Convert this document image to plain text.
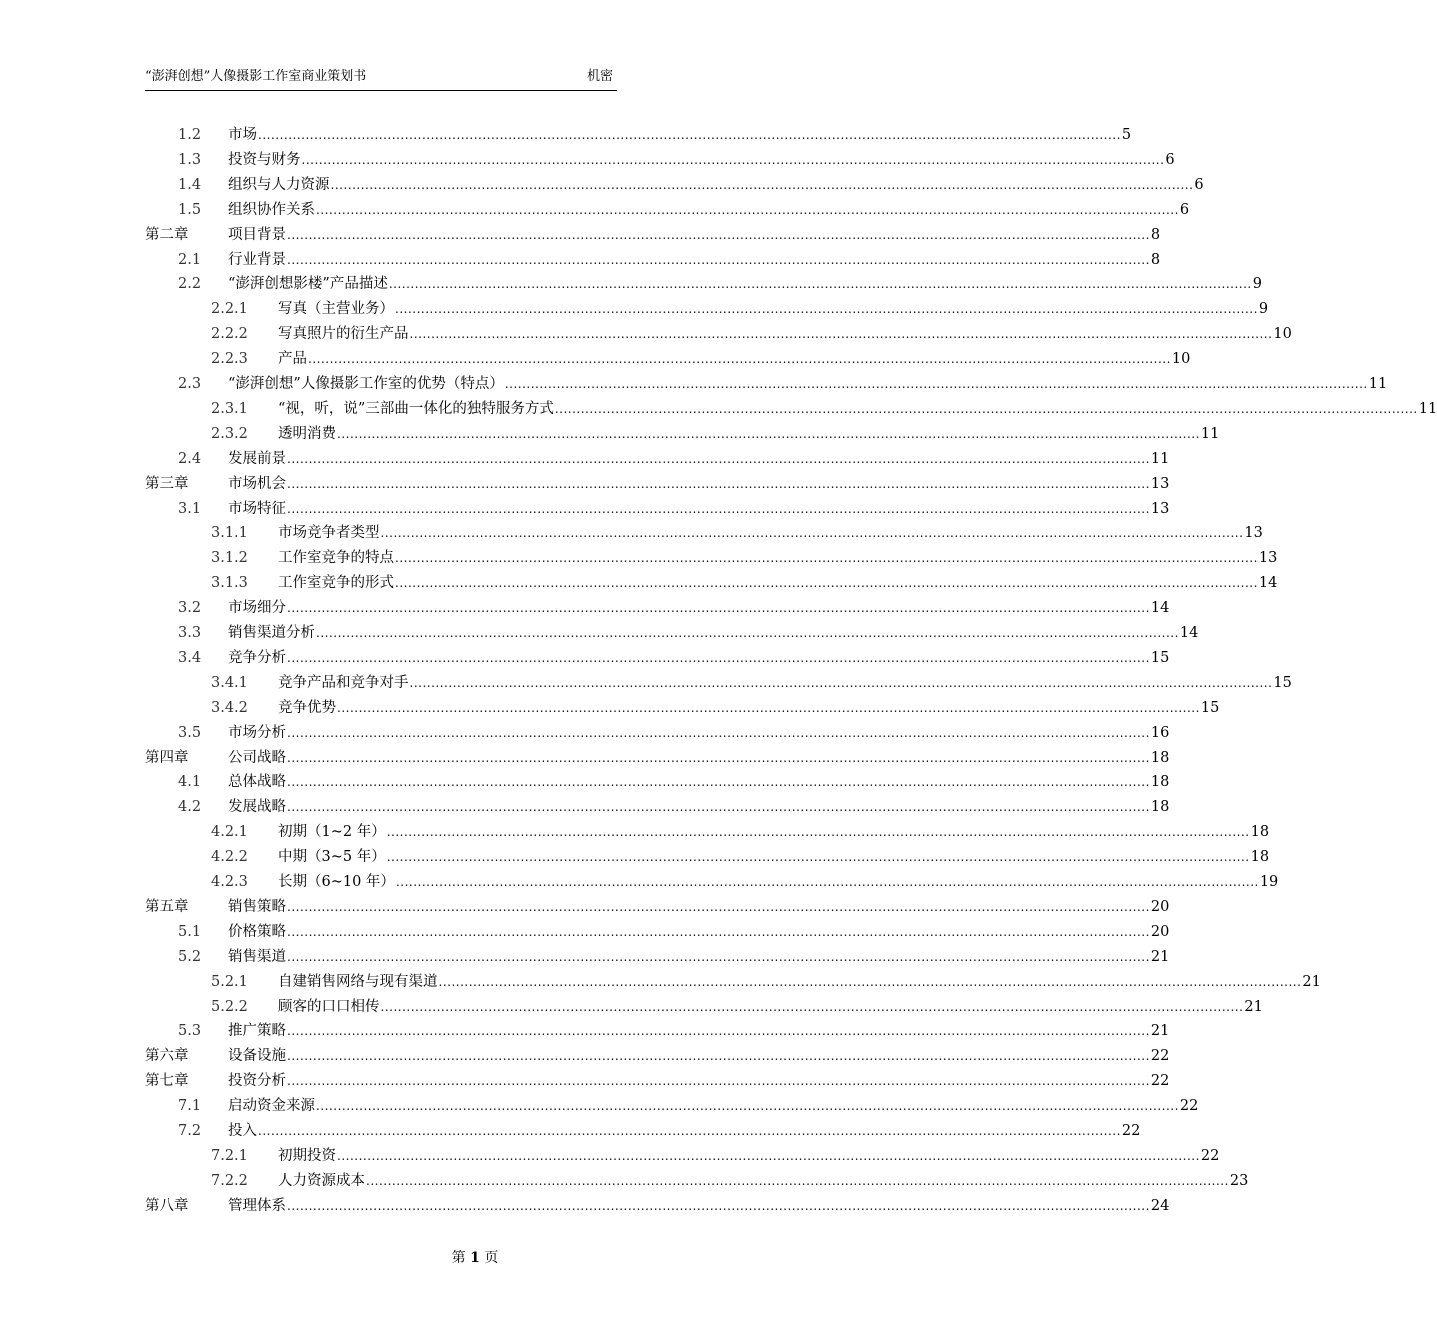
“澎湃创想”人像摄影工作室商业策划书	机密
1.2 市场 ........................................................................................................................................................................................................ 5
1.3 投资与财务 ........................................................................................................................................................................................................ 6
1.4 组织与人力资源 ........................................................................................................................................................................................................ 6
1.5 组织协作关系 ........................................................................................................................................................................................................ 6
第二章	项目背景 ........................................................................................................................................................................................................ 8
2.1 行业背景 ........................................................................................................................................................................................................ 8
2.2 “澎湃创想影楼”产品描述 ........................................................................................................................................................................................................ 9
2.2.1 写真（主营业务） ........................................................................................................................................................................................................ 9
2.2.2 写真照片的衍生产品 ........................................................................................................................................................................................................ 10
2.2.3 产品 ........................................................................................................................................................................................................ 10
2.3 “澎湃创想”人像摄影工作室的优势（特点） ........................................................................................................................................................................................................ 11
2.3.1 “视，听，说”三部曲一体化的独特服务方式 ........................................................................................................................................................................................................ 11
2.3.2 透明消费 ........................................................................................................................................................................................................ 11
2.4 发展前景 ........................................................................................................................................................................................................ 11
第三章	市场机会 ........................................................................................................................................................................................................ 13
3.1 市场特征 ........................................................................................................................................................................................................ 13
3.1.1 市场竞争者类型 ........................................................................................................................................................................................................ 13
3.1.2 工作室竞争的特点 ........................................................................................................................................................................................................ 13
3.1.3 工作室竞争的形式 ........................................................................................................................................................................................................ 14
3.2 市场细分 ........................................................................................................................................................................................................ 14
3.3 销售渠道分析 ........................................................................................................................................................................................................ 14
3.4 竞争分析 ........................................................................................................................................................................................................ 15
3.4.1 竞争产品和竞争对手 ........................................................................................................................................................................................................ 15
3.4.2 竞争优势 ........................................................................................................................................................................................................ 15
3.5 市场分析 ........................................................................................................................................................................................................ 16
第四章	公司战略 ........................................................................................................................................................................................................ 18
4.1 总体战略 ........................................................................................................................................................................................................ 18
4.2 发展战略 ........................................................................................................................................................................................................ 18
4.2.1 初期（1~2 年） ........................................................................................................................................................................................................ 18
4.2.2 中期（3~5 年） ........................................................................................................................................................................................................ 18
4.2.3 长期（6~10 年） ........................................................................................................................................................................................................ 19
第五章	销售策略 ........................................................................................................................................................................................................ 20
5.1 价格策略 ........................................................................................................................................................................................................ 20
5.2 销售渠道 ........................................................................................................................................................................................................ 21
5.2.1 自建销售网络与现有渠道 ........................................................................................................................................................................................................ 21
5.2.2 顾客的口口相传 ........................................................................................................................................................................................................ 21
5.3 推广策略 ........................................................................................................................................................................................................ 21
第六章	设备设施 ........................................................................................................................................................................................................ 22
第七章	投资分析 ........................................................................................................................................................................................................ 22
7.1 启动资金来源 ........................................................................................................................................................................................................ 22
7.2 投入 ........................................................................................................................................................................................................ 22
7.2.1 初期投资 ........................................................................................................................................................................................................ 22
7.2.2 人力资源成本 ........................................................................................................................................................................................................ 23
第八章	管理体系 ........................................................................................................................................................................................................ 24
第 1 页
